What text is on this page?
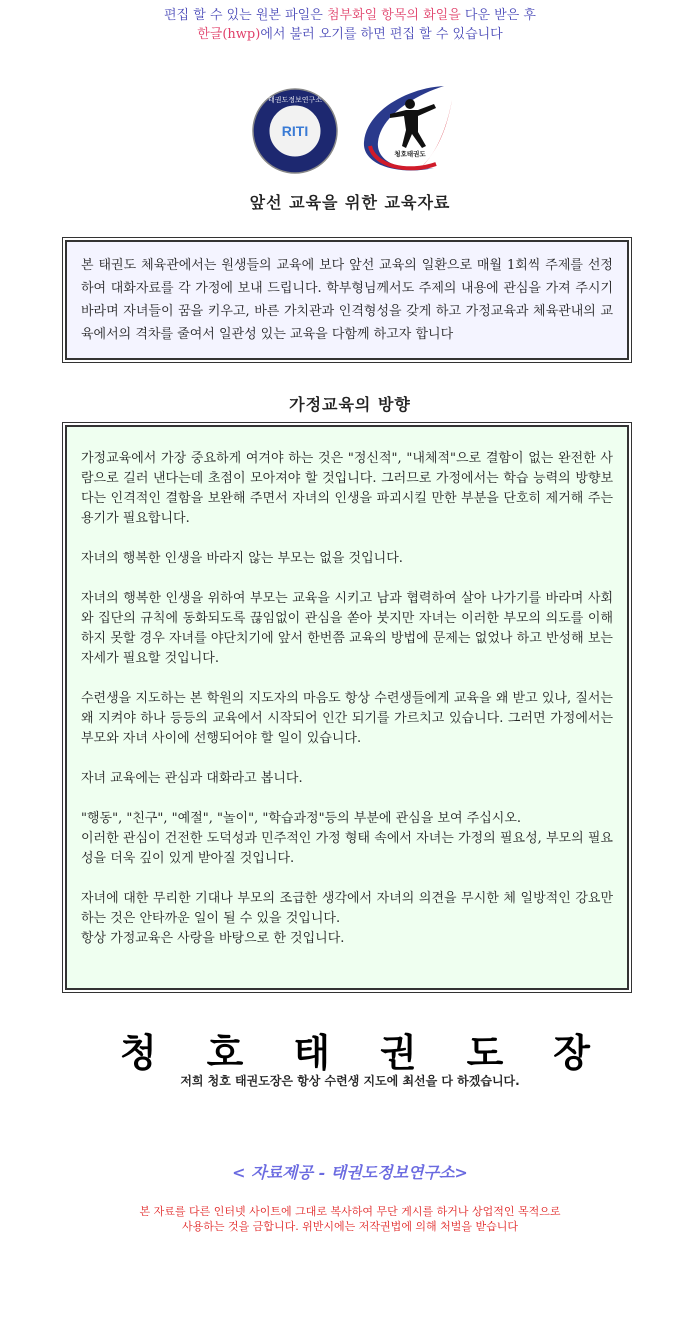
편집 할 수 있는 원본 파일은 첨부화일 항목의 화일을 다운 받은 후
한글(hwp)에서 불러 오기를 하면 편집 할 수 있습니다
RITI
태권도정보연구소
청호태권도
앞선 교육을 위한 교육자료

본 태권도 체육관에서는 원생들의 교육에 보다 앞선 교육의 일환으로 매월 1회씩 주제를 선정하여 대화자료를 각 가정에 보내 드립니다. 학부형님께서도 주제의 내용에 관심을 가져 주시기 바라며 자녀들이 꿈을 키우고, 바른 가치관과 인격형성을 갖게 하고 가정교육과 체육관내의 교육에서의 격차를 줄여서 일관성 있는 교육을 다함께 하고자 합니다

가정교육의 방향

가정교육에서 가장 중요하게 여겨야 하는 것은 "정신적", "내체적"으로 결함이 없는 완전한 사람으로 길러 낸다는데 초점이 모아져야 할 것입니다. 그러므로 가정에서는 학습 능력의 방향보다는 인격적인 결함을 보완해 주면서 자녀의 인생을 파괴시킬 만한 부분을 단호히 제거해 주는 용기가 필요합니다.

자녀의 행복한 인생을 바라지 않는 부모는 없을 것입니다.

자녀의 행복한 인생을 위하여 부모는 교육을 시키고 남과 협력하여 살아 나가기를 바라며 사회와 집단의 규칙에 동화되도록 끊임없이 관심을 쏟아 붓지만 자녀는 이러한 부모의 의도를 이해하지 못할 경우 자녀를 야단치기에 앞서 한번쯤 교육의 방법에 문제는 없었나 하고 반성해 보는 자세가 필요할 것입니다.

수련생을 지도하는 본 학원의 지도자의 마음도 항상 수련생들에게 교육을 왜 받고 있나, 질서는 왜 지켜야 하나 등등의 교육에서 시작되어 인간 되기를 가르치고 있습니다. 그러면 가정에서는 부모와 자녀 사이에 선행되어야 할 일이 있습니다.

자녀 교육에는 관심과 대화라고 봅니다.

"행동", "친구", "예절", "놀이", "학습과정"등의 부분에 관심을 보여 주십시오.

이러한 관심이 건전한 도덕성과 민주적인 가정 형태 속에서 자녀는 가정의 필요성, 부모의 필요성을 더욱 깊이 있게 받아질 것입니다.

자녀에 대한 무리한 기대나 부모의 조급한 생각에서 자녀의 의견을 무시한 체 일방적인 강요만 하는 것은 안타까운 일이 될 수 있을 것입니다.

항상 가정교육은 사랑을 바탕으로 한 것입니다.

청 호 태 권 도 장
저희 청호 태권도장은 항상 수련생 지도에 최선을 다 하겠습니다.
< 자료제공 - 태권도정보연구소>
본 자료를 다른 인터넷 사이트에 그대로 복사하여 무단 게시를 하거나 상업적인 목적으로
사용하는 것을 금합니다. 위반시에는 저작권법에 의해 처벌을 받습니다
